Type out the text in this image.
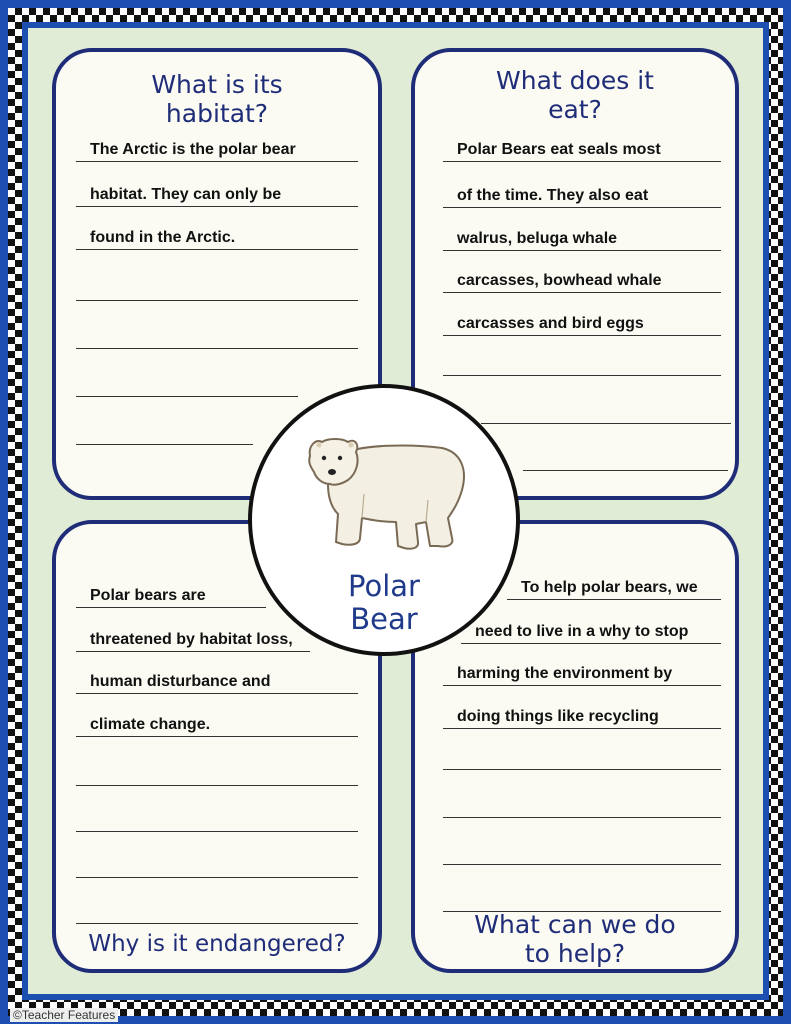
What is its
habitat?
The Arctic is the polar bear
habitat. They can only be
found in the Arctic.
What does it
eat?
Polar Bears eat seals most
of the time. They also eat
walrus, beluga whale
carcasses, bowhead whale
carcasses and bird eggs
Polar bears are
threatened by habitat loss,
human disturbance and
climate change.
Why is it endangered?
To help polar bears, we
need to live in a why to stop
harming the environment by
doing things like recycling
What can we do
to help?
Polar
Bear
©Teacher Features
